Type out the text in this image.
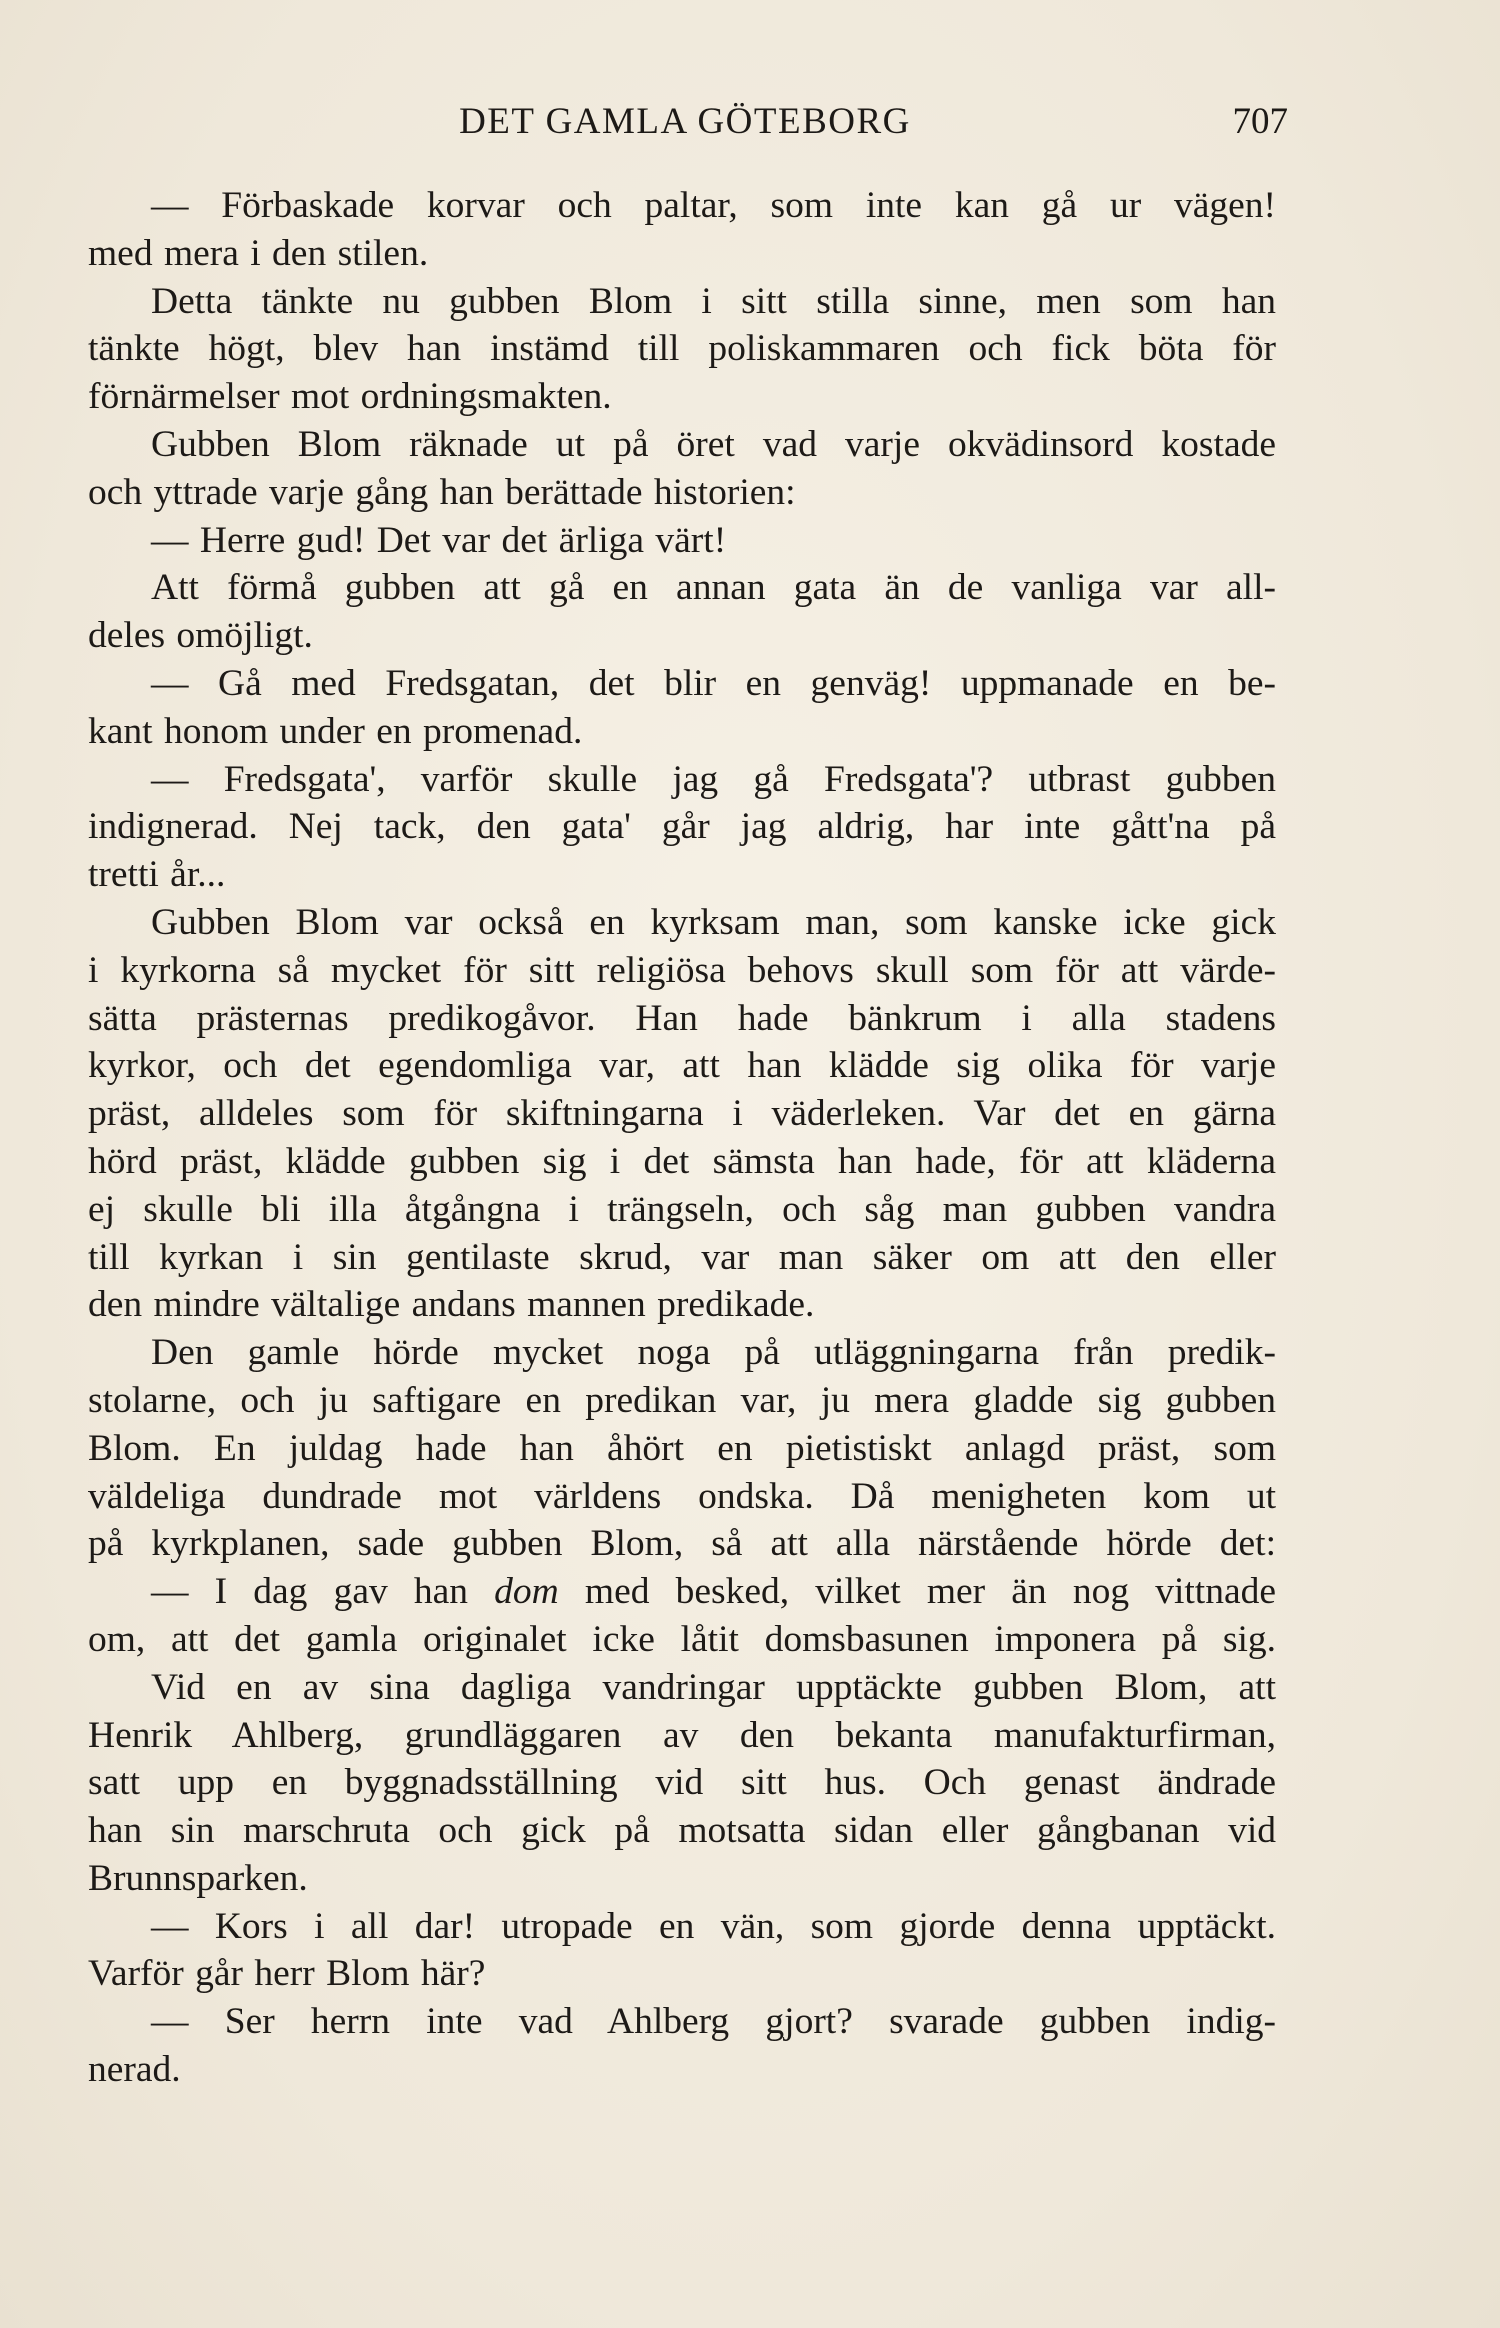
DET GAMLA GÖTEBORG	707
— Förbaskade korvar och paltar, som inte kan gå ur vägen!
med mera i den stilen.
Detta tänkte nu gubben Blom i sitt stilla sinne, men som han
tänkte högt, blev han instämd till poliskammaren och fick böta för
förnärmelser mot ordningsmakten.
Gubben Blom räknade ut på öret vad varje okvädinsord kostade
och yttrade varje gång han berättade historien:
— Herre gud! Det var det ärliga värt!
Att förmå gubben att gå en annan gata än de vanliga var all-
deles omöjligt.
— Gå med Fredsgatan, det blir en genväg! uppmanade en be-
kant honom under en promenad.
— Fredsgata', varför skulle jag gå Fredsgata'? utbrast gubben
indignerad. Nej tack, den gata' går jag aldrig, har inte gått'na på
tretti år...
Gubben Blom var också en kyrksam man, som kanske icke gick
i kyrkorna så mycket för sitt religiösa behovs skull som för att värde-
sätta prästernas predikogåvor. Han hade bänkrum i alla stadens
kyrkor, och det egendomliga var, att han klädde sig olika för varje
präst, alldeles som för skiftningarna i väderleken. Var det en gärna
hörd präst, klädde gubben sig i det sämsta han hade, för att kläderna
ej skulle bli illa åtgångna i trängseln, och såg man gubben vandra
till kyrkan i sin gentilaste skrud, var man säker om att den eller
den mindre vältalige andans mannen predikade.
Den gamle hörde mycket noga på utläggningarna från predik-
stolarne, och ju saftigare en predikan var, ju mera gladde sig gubben
Blom. En juldag hade han åhört en pietistiskt anlagd präst, som
väldeliga dundrade mot världens ondska. Då menigheten kom ut
på kyrkplanen, sade gubben Blom, så att alla närstående hörde det:
— I dag gav han dom med besked, vilket mer än nog vittnade
om, att det gamla originalet icke låtit domsbasunen imponera på sig.
Vid en av sina dagliga vandringar upptäckte gubben Blom, att
Henrik Ahlberg, grundläggaren av den bekanta manufakturfirman,
satt upp en byggnadsställning vid sitt hus. Och genast ändrade
han sin marschruta och gick på motsatta sidan eller gångbanan vid
Brunnsparken.
— Kors i all dar! utropade en vän, som gjorde denna upptäckt.
Varför går herr Blom här?
— Ser herrn inte vad Ahlberg gjort? svarade gubben indig-
nerad.
